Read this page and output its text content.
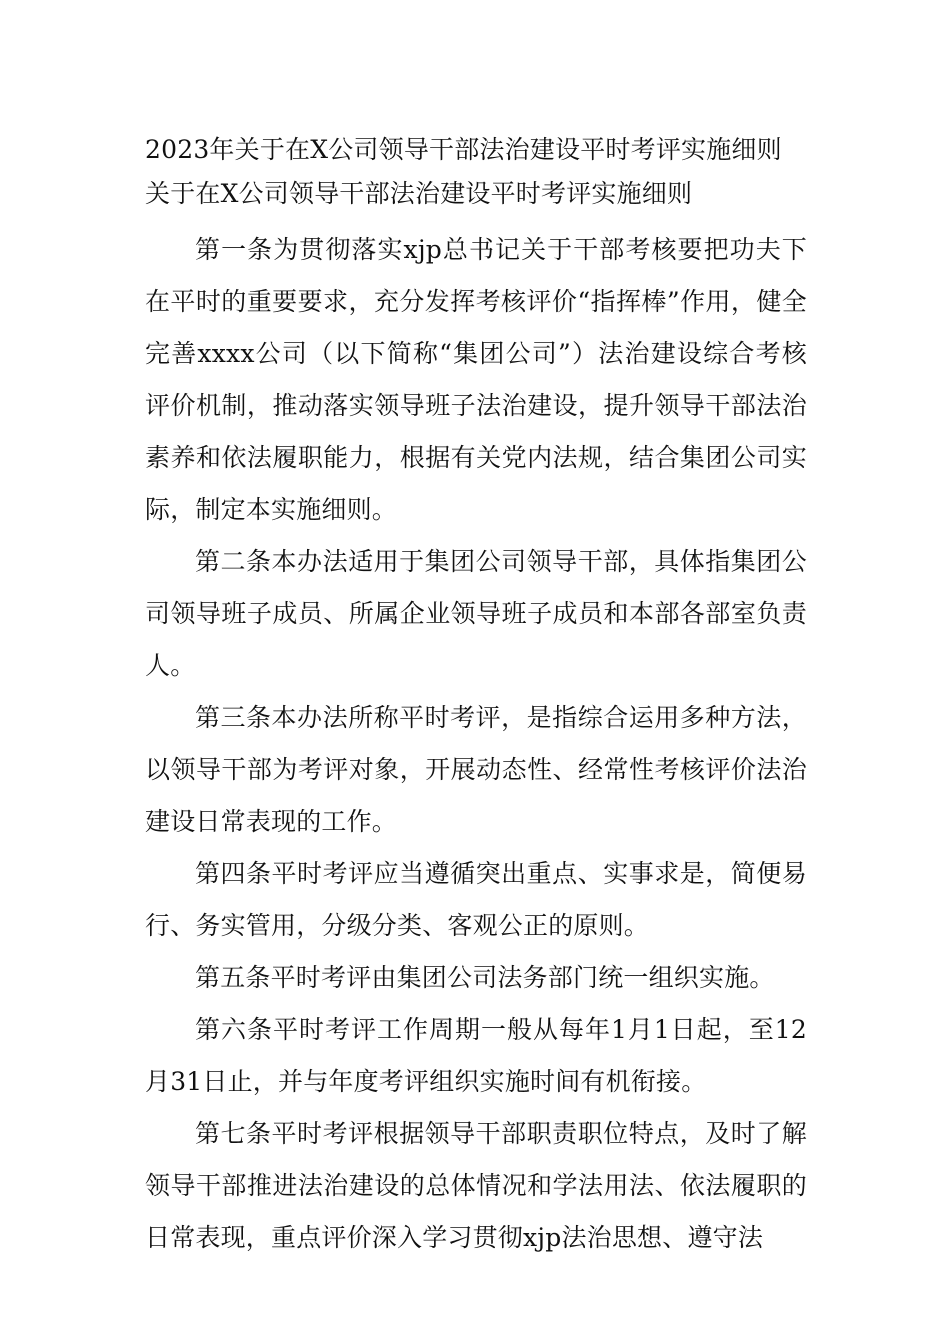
2023年关于在X公司领导干部法治建设平时考评实施细则

关于在X公司领导干部法治建设平时考评实施细则

第一条为贯彻落实xjp总书记关于干部考核要把功夫下在平时的重要要求，充分发挥考核评价“指挥棒”作用，健全完善xxxx公司（以下简称“集团公司”）法治建设综合考核评价机制，推动落实领导班子法治建设，提升领导干部法治素养和依法履职能力，根据有关党内法规，结合集团公司实际，制定本实施细则。

第二条本办法适用于集团公司领导干部，具体指集团公司领导班子成员、所属企业领导班子成员和本部各部室负责人。

第三条本办法所称平时考评，是指综合运用多种方法，以领导干部为考评对象，开展动态性、经常性考核评价法治建设日常表现的工作。

第四条平时考评应当遵循突出重点、实事求是，简便易行、务实管用，分级分类、客观公正的原则。

第五条平时考评由集团公司法务部门统一组织实施。

第六条平时考评工作周期一般从每年1月1日起，至12月31日止，并与年度考评组织实施时间有机衔接。

第七条平时考评根据领导干部职责职位特点，及时了解领导干部推进法治建设的总体情况和学法用法、依法履职的日常表现，重点评价深入学习贯彻xjp法治思想、遵守法
